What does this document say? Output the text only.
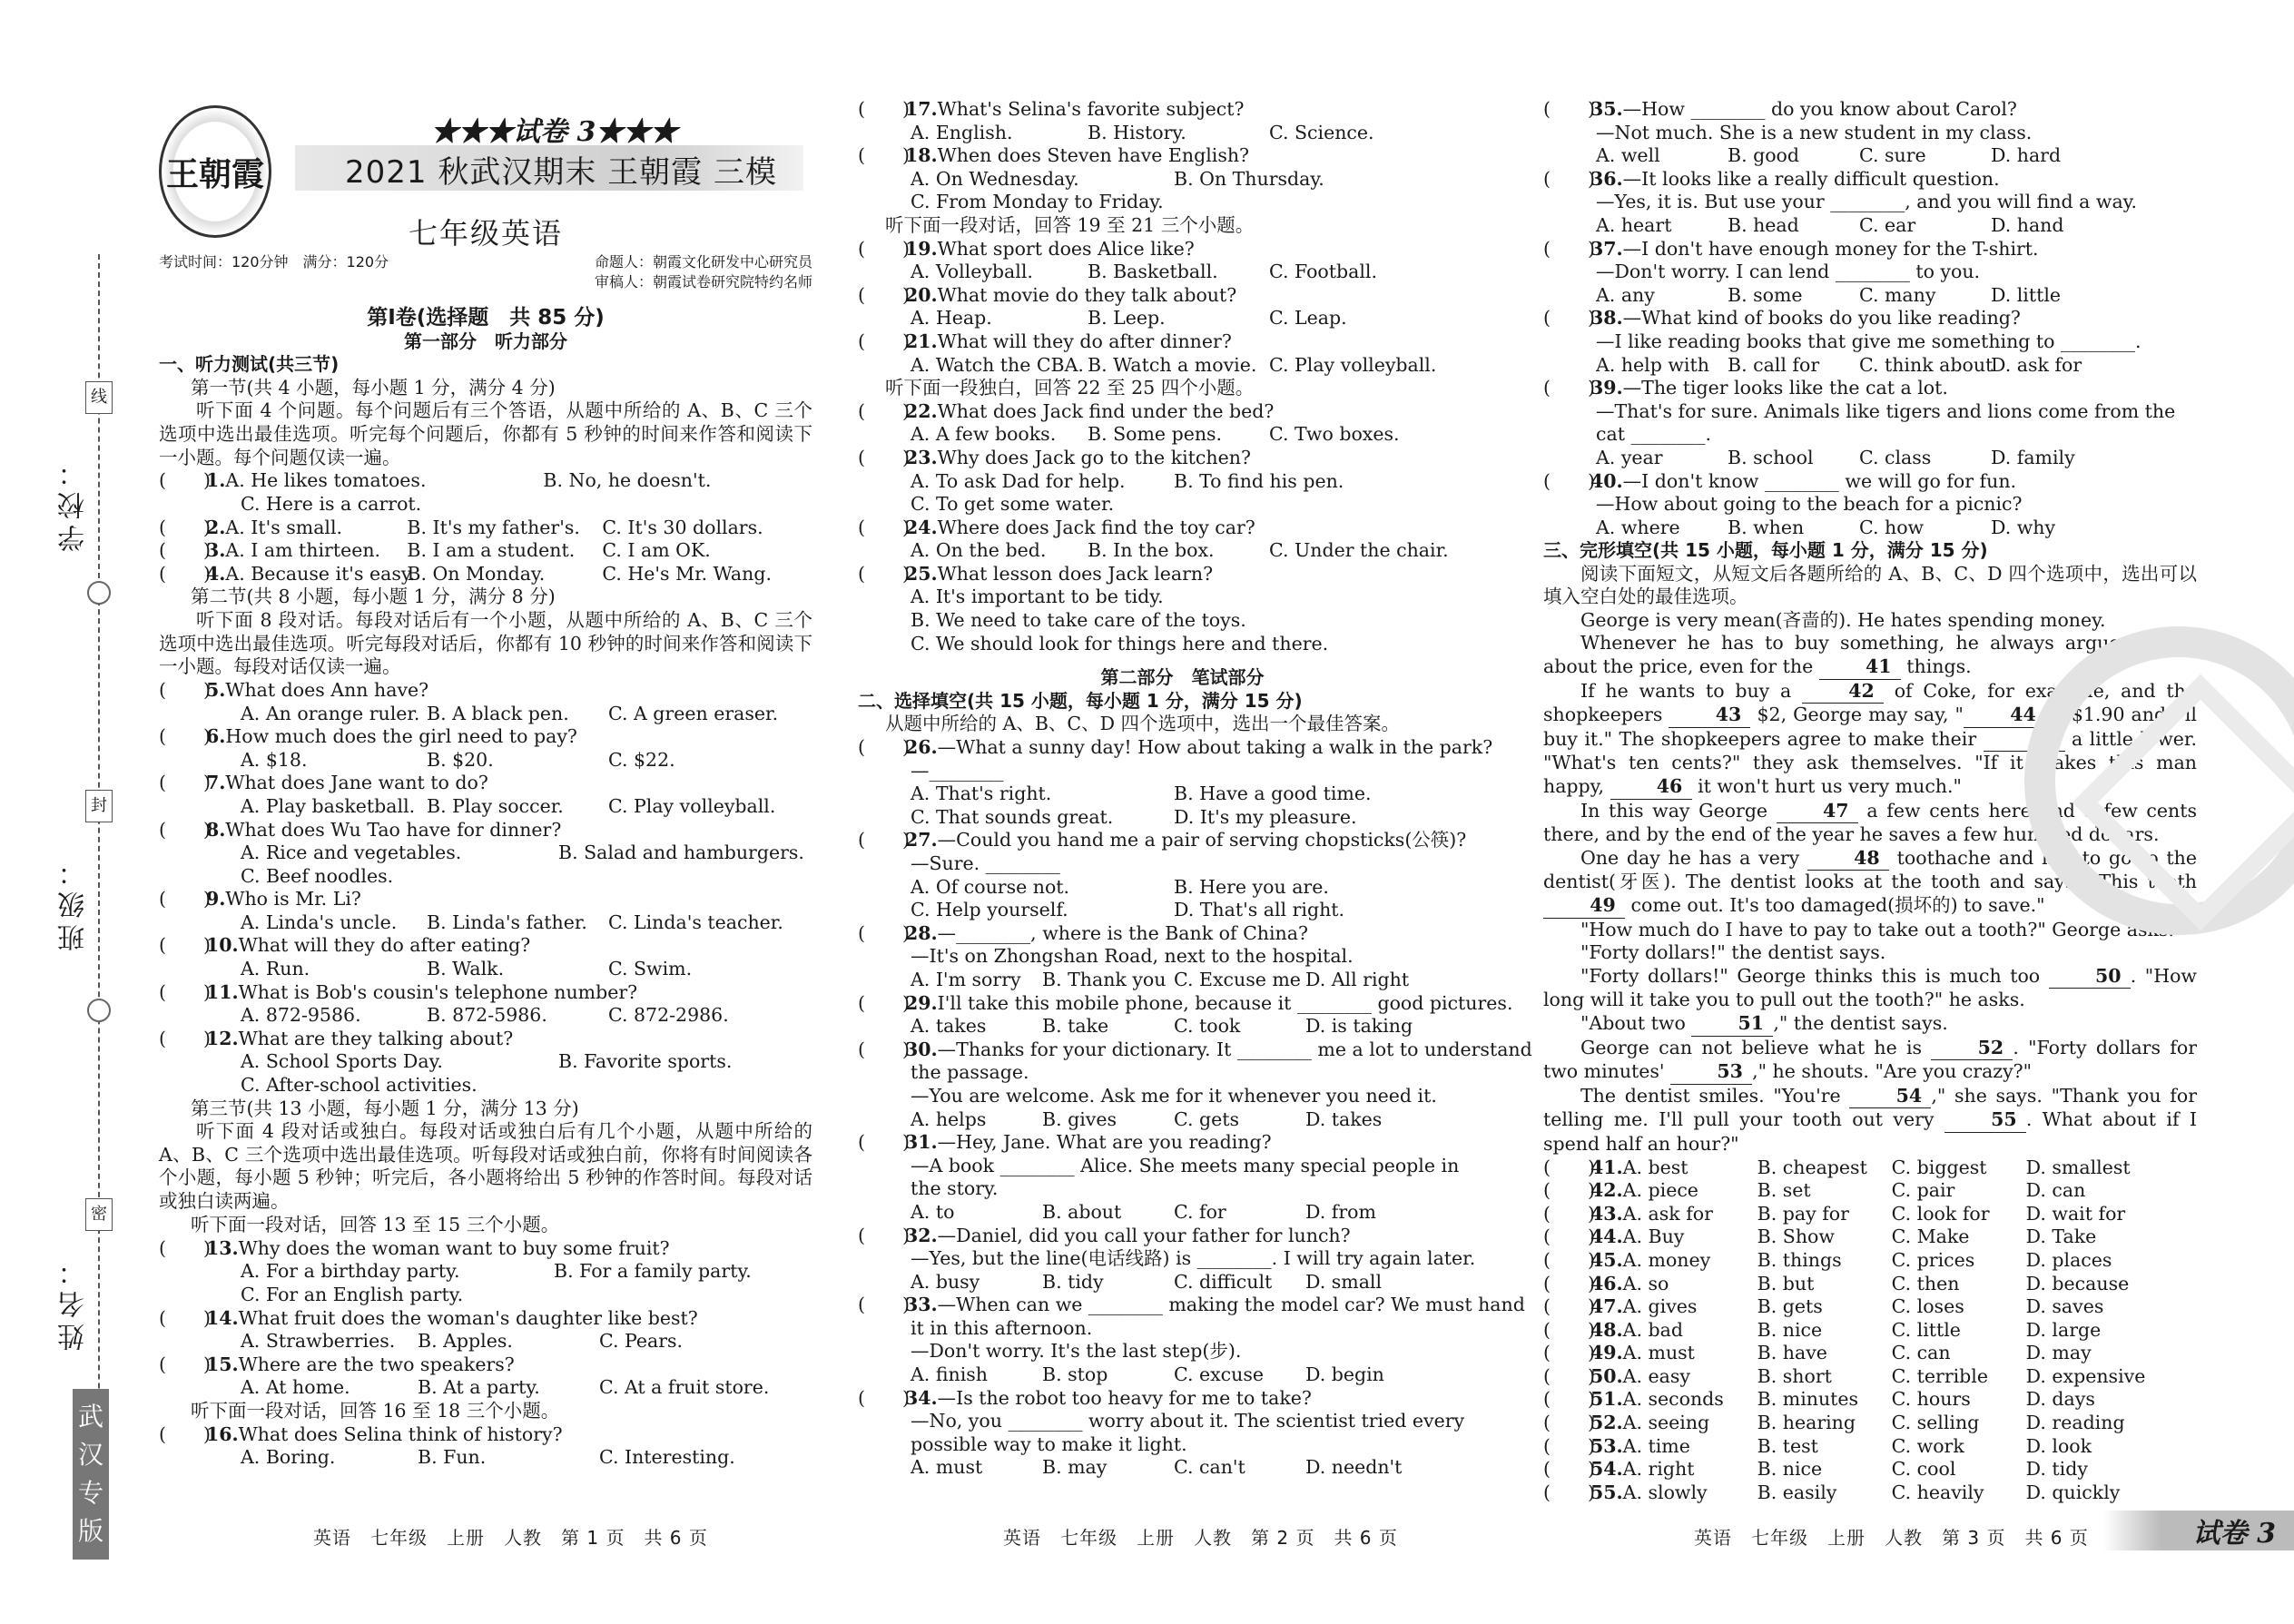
线
封
密
学校：
班级：
姓名：
武汉专版
王朝霞
★★★试卷 3★★★
2021 秋武汉期末 王朝霞 三模
七年级英语
考试时间：120分钟　满分：120分	命题人：朝霞文化研发中心研究员
审稿人：朝霞试卷研究院特约名师
第Ⅰ卷(选择题　共 85 分)
第一部分　听力部分
一、听力测试(共三节)
第一节(共 4 小题，每小题 1 分，满分 4 分)
听下面 4 个问题。每个问题后有三个答语，从题中所给的 A、B、C 三个选项中选出最佳选项。听完每个问题后，你都有 5 秒钟的时间来作答和阅读下一小题。每个问题仅读一遍。
(　　)
1. A. He likes tomatoes.	B. No, he doesn't.
C. Here is a carrot.
(　　)
2. A. It's small.	B. It's my father's.	C. It's 30 dollars.
(　　)
3. A. I am thirteen.	B. I am a student.	C. I am OK.
(　　)
4. A. Because it's easy.
B. On Monday.	C. He's Mr. Wang.
第二节(共 8 小题，每小题 1 分，满分 8 分)
听下面 8 段对话。每段对话后有一个小题，从题中所给的 A、B、C 三个选项中选出最佳选项。听完每段对话后，你都有 10 秒钟的时间来作答和阅读下一小题。每段对话仅读一遍。
(　　)
5. What does Ann have?
A. An orange ruler. B. A black pen. C. A green eraser.
(　　)
6. How much does the girl need to pay?
A. $18.	B. $20.	C. $22.
(　　)
7. What does Jane want to do?
A. Play basketball. B. Play soccer. C. Play volleyball.
(　　)
8. What does Wu Tao have for dinner?
A. Rice and vegetables.	B. Salad and hamburgers.
C. Beef noodles.
(　　)
9. Who is Mr. Li?
A. Linda's uncle. B. Linda's father. C. Linda's teacher.
(　　)
10. What will they do after eating?
A. Run.	B. Walk.	C. Swim.
(　　)
11. What is Bob's cousin's telephone number?
A. 872-9586.	B. 872-5986.	C. 872-2986.
(　　)
12. What are they talking about?
A. School Sports Day.	B. Favorite sports.
C. After-school activities.
第三节(共 13 小题，每小题 1 分，满分 13 分)
听下面 4 段对话或独白。每段对话或独白后有几个小题，从题中所给的 A、B、C 三个选项中选出最佳选项。听每段对话或独白前，你将有时间阅读各个小题，每小题 5 秒钟；听完后，各小题将给出 5 秒钟的作答时间。每段对话或独白读两遍。
听下面一段对话，回答 13 至 15 三个小题。
(　　)
13. Why does the woman want to buy some fruit?
A. For a birthday party.	B. For a family party.
C. For an English party.
(　　)
14. What fruit does the woman's daughter like best?
A. Strawberries. B. Apples.	C. Pears.
(　　)
15. Where are the two speakers?
A. At home.	B. At a party.	C. At a fruit store.
听下面一段对话，回答 16 至 18 三个小题。
(　　)
16. What does Selina think of history?
A. Boring.	B. Fun.	C. Interesting.
英语　七年级　上册　人教　第 1 页　共 6 页
(　　)
17. What's Selina's favorite subject?
A. English.	B. History.	C. Science.
(　　)
18. When does Steven have English?
A. On Wednesday.	B. On Thursday.
C. From Monday to Friday.
听下面一段对话，回答 19 至 21 三个小题。
(　　)
19. What sport does Alice like?
A. Volleyball.	B. Basketball.	C. Football.
(　　)
20. What movie do they talk about?
A. Heap.	B. Leep.	C. Leap.
(　　)
21. What will they do after dinner?
A. Watch the CBA. B. Watch a movie. C. Play volleyball.
听下面一段独白，回答 22 至 25 四个小题。
(　　)
22. What does Jack find under the bed?
A. A few books. B. Some pens.	C. Two boxes.
(　　)
23. Why does Jack go to the kitchen?
A. To ask Dad for help.	B. To find his pen.
C. To get some water.
(　　)
24. Where does Jack find the toy car?
A. On the bed. B. In the box.	C. Under the chair.
(　　)
25. What lesson does Jack learn?
A. It's important to be tidy.
B. We need to take care of the toys.
C. We should look for things here and there.
第二部分　笔试部分
二、选择填空(共 15 小题，每小题 1 分，满分 15 分)
从题中所给的 A、B、C、D 四个选项中，选出一个最佳答案。
(　　)
26. —What a sunny day! How about taking a walk in the park?
—________
A. That's right.	B. Have a good time.
C. That sounds great.	D. It's my pleasure.
(　　)
27. —Could you hand me a pair of serving chopsticks(公筷)?
—Sure. ________
A. Of course not.	B. Here you are.
C. Help yourself.	D. That's all right.
(　　)
28. —________, where is the Bank of China?
—It's on Zhongshan Road, next to the hospital.
A. I'm sorry B. Thank you C. Excuse me D. All right
(　　)
29. I'll take this mobile phone, because it ________ good pictures.
A. takes	B. take	C. took	D. is taking
(　　)
30. —Thanks for your dictionary. It ________ me a lot to understand
the passage.
—You are welcome. Ask me for it whenever you need it.
A. helps	B. gives	C. gets	D. takes
(　　)
31. —Hey, Jane. What are you reading?
—A book ________ Alice. She meets many special people in
the story.
A. to	B. about	C. for	D. from
(　　)
32. —Daniel, did you call your father for lunch?
—Yes, but the line(电话线路) is ________. I will try again later.
A. busy	B. tidy	C. difficult D. small
(　　)
33. —When can we ________ making the model car? We must hand
it in this afternoon.
—Don't worry. It's the last step(步).
A. finish	B. stop	C. excuse D. begin
(　　)
34. —Is the robot too heavy for me to take?
—No, you ________ worry about it. The scientist tried every
possible way to make it light.
A. must	B. may	C. can't	D. needn't
英语　七年级　上册　人教　第 2 页　共 6 页
(　　)
35. —How ________ do you know about Carol?
—Not much. She is a new student in my class.
A. well	B. good	C. sure	D. hard
(　　)
36. —It looks like a really difficult question.
—Yes, it is. But use your ________, and you will find a way.
A. heart	B. head	C. ear	D. hand
(　　)
37. —I don't have enough money for the T-shirt.
—Don't worry. I can lend ________ to you.
A. any	B. some	C. many	D. little
(　　)
38. —What kind of books do you like reading?
—I like reading books that give me something to ________.
A. help with B. call for C. think aboutD. ask for
(　　)
39. —The tiger looks like the cat a lot.
—That's for sure. Animals like tigers and lions come from the
cat ________.
A. year	B. school C. class	D. family
(　　)
40. —I don't know ________ we will go for fun.
—How about going to the beach for a picnic?
A. where	B. when	C. how	D. why
三、完形填空(共 15 小题，每小题 1 分，满分 15 分)
阅读下面短文，从短文后各题所给的 A、B、C、D 四个选项中，选出可以填入空白处的最佳选项。
George is very mean(吝啬的). He hates spending money.
Whenever he has to buy something, he always argues(争论) about the price, even for the 41 things.
If he wants to buy a 42 of Coke, for example, and the shopkeepers 43 $2, George may say, " 44 it $1.90 and I'll buy it." The shopkeepers agree to make their 45 a little lower. "What's ten cents?" they ask themselves. "If it makes this man happy, 46 it won't hurt us very much."
In this way George 47 a few cents here and a few cents there, and by the end of the year he saves a few hundred dollars.
One day he has a very 48 toothache and has to go to the dentist(牙医). The dentist looks at the tooth and says, "This tooth 49 come out. It's too damaged(损坏的) to save."
"How much do I have to pay to take out a tooth?" George asks.
"Forty dollars!" the dentist says.
"Forty dollars!" George thinks this is much too 50 . "How long will it take you to pull out the tooth?" he asks.
"About two 51 ," the dentist says.
George can not believe what he is 52 . "Forty dollars for two minutes' 53 ," he shouts. "Are you crazy?"
The dentist smiles. "You're 54 ," she says. "Thank you for telling me. I'll pull your tooth out very 55 . What about if I spend half an hour?"
(　　)
41. A. best	B. cheapest	C. biggest	D. smallest
(　　)
42. A. piece	B. set	C. pair	D. can
(　　)
43. A. ask for	B. pay for	C. look for	D. wait for
(　　)
44. A. Buy	B. Show	C. Make	D. Take
(　　)
45. A. money	B. things	C. prices	D. places
(　　)
46. A. so	B. but	C. then	D. because
(　　)
47. A. gives	B. gets	C. loses	D. saves
(　　)
48. A. bad	B. nice	C. little	D. large
(　　)
49. A. must	B. have	C. can	D. may
(　　)
50. A. easy	B. short	C. terrible	D. expensive
(　　)
51. A. seconds	B. minutes	C. hours	D. days
(　　)
52. A. seeing	B. hearing	C. selling	D. reading
(　　)
53. A. time	B. test	C. work	D. look
(　　)
54. A. right	B. nice	C. cool	D. tidy
(　　)
55. A. slowly	B. easily	C. heavily	D. quickly
英语　七年级　上册　人教　第 3 页　共 6 页	试卷 3
